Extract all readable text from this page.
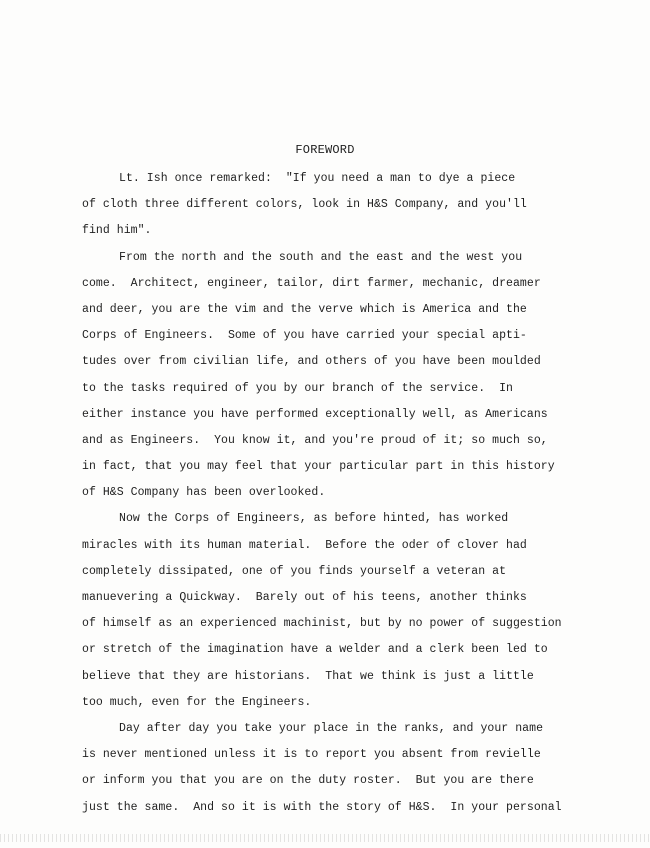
FOREWORD
Lt. Ish once remarked:  "If you need a man to dye a piece
of cloth three different colors, look in H&S Company, and you'll
find him".
From the north and the south and the east and the west you
come.  Architect, engineer, tailor, dirt farmer, mechanic, dreamer
and deer, you are the vim and the verve which is America and the
Corps of Engineers.  Some of you have carried your special apti-
tudes over from civilian life, and others of you have been moulded
to the tasks required of you by our branch of the service.  In
either instance you have performed exceptionally well, as Americans
and as Engineers.  You know it, and you're proud of it; so much so,
in fact, that you may feel that your particular part in this history
of H&S Company has been overlooked.
Now the Corps of Engineers, as before hinted, has worked
miracles with its human material.  Before the oder of clover had
completely dissipated, one of you finds yourself a veteran at
manuevering a Quickway.  Barely out of his teens, another thinks
of himself as an experienced machinist, but by no power of suggestion
or stretch of the imagination have a welder and a clerk been led to
believe that they are historians.  That we think is just a little
too much, even for the Engineers.
Day after day you take your place in the ranks, and your name
is never mentioned unless it is to report you absent from revielle
or inform you that you are on the duty roster.  But you are there
just the same.  And so it is with the story of H&S.  In your personal
